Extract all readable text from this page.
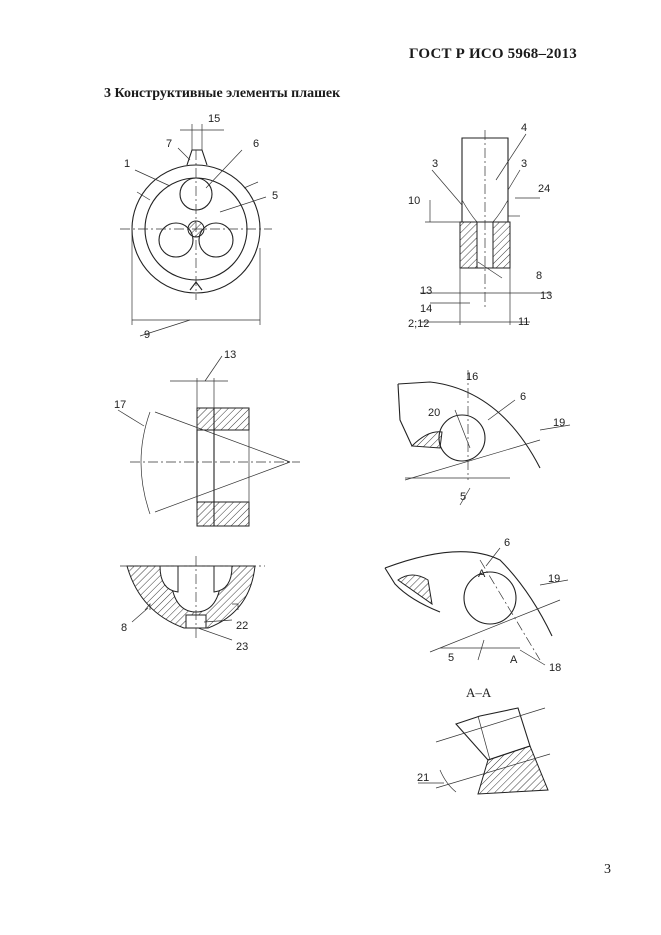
ГОСТ Р ИСО 5968–2013
3 Конструктивные элементы плашек
3
15
7	6
1
5
9
4
3	3
24
10
8
13	13
14
2;12	11
13
17
16
6
20
19
5
8	22
23
6
А	19
5	А
18
А–А
21
